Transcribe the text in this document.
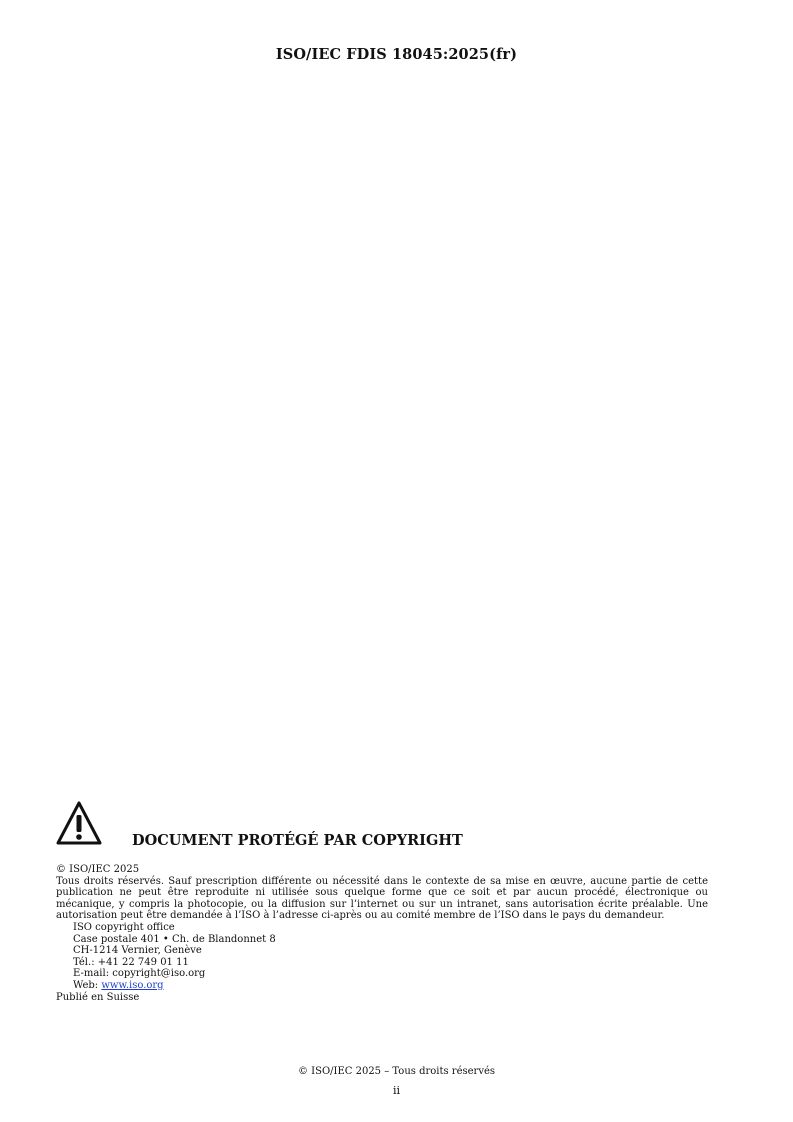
ISO/IEC FDIS 18045:2025(fr)
DOCUMENT PROTÉGÉ PAR COPYRIGHT
© ISO/IEC 2025
Tous droits réservés. Sauf prescription différente ou nécessité dans le contexte de sa mise en œuvre, aucune partie de cette publication ne peut être reproduite ni utilisée sous quelque forme que ce soit et par aucun procédé, électronique ou mécanique, y compris la photocopie, ou la diffusion sur l’internet ou sur un intranet, sans autorisation écrite préalable. Une autorisation peut être demandée à l’ISO à l’adresse ci-après ou au comité membre de l’ISO dans le pays du demandeur.
ISO copyright office
Case postale 401 • Ch. de Blandonnet 8
CH-1214 Vernier, Genève
Tél.: +41 22 749 01 11
E-mail: copyright@iso.org
Web: www.iso.org
Publié en Suisse
© ISO/IEC 2025 – Tous droits réservés
ii
